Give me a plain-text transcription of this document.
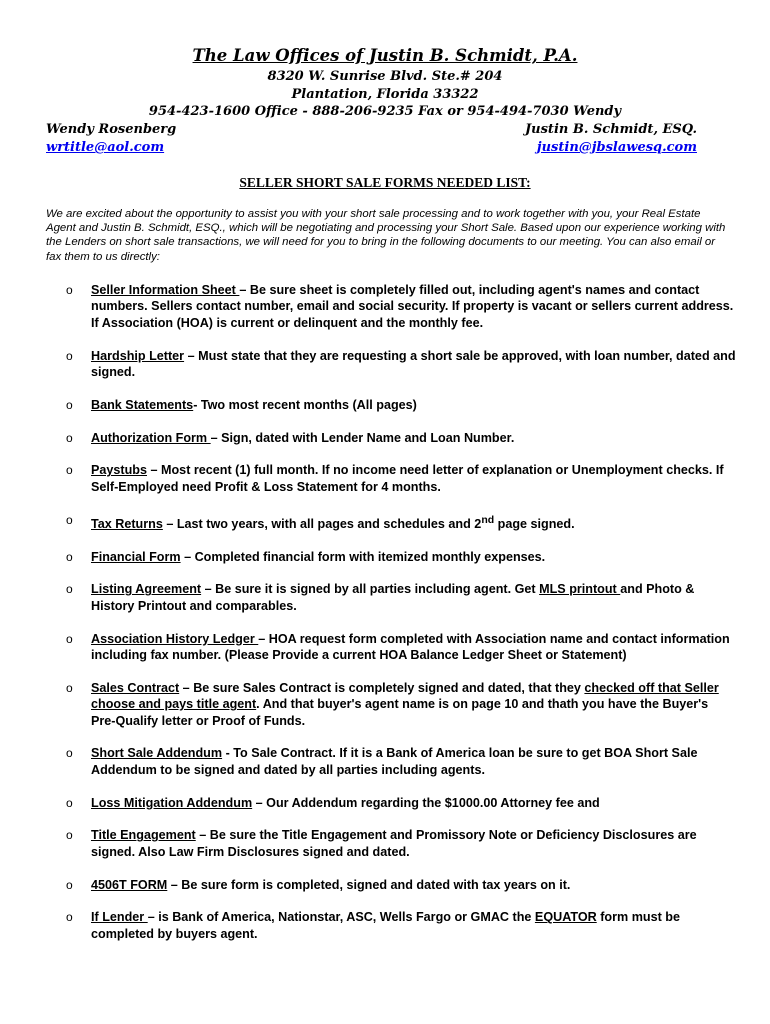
The Law Offices of Justin B. Schmidt, P.A.
8320 W. Sunrise Blvd. Ste.# 204
Plantation, Florida 33322
954-423-1600 Office - 888-206-9235 Fax or 954-494-7030 Wendy
Wendy Rosenberg
wrtitle@aol.com
Justin B. Schmidt, ESQ.
justin@jbslawesq.com
SELLER SHORT SALE FORMS NEEDED LIST:
We are excited about the opportunity to assist you with your short sale processing and to work together with you, your Real Estate Agent and Justin B. Schmidt, ESQ., which will be negotiating and processing your Short Sale. Based upon our experience working with the Lenders on short sale transactions, we will need for you to bring in the following documents to our meeting. You can also email or fax them to us directly:
o Seller Information Sheet – Be sure sheet is completely filled out, including agent's names and contact numbers. Sellers contact number, email and social security. If property is vacant or sellers current address. If Association (HOA) is current or delinquent and the monthly fee.
o Hardship Letter – Must state that they are requesting a short sale be approved, with loan number, dated and signed.
o Bank Statements- Two most recent months (All pages)
o Authorization Form – Sign, dated with Lender Name and Loan Number.
o Paystubs – Most recent (1) full month. If no income need letter of explanation or Unemployment checks. If Self-Employed need Profit & Loss Statement for 4 months.
o Tax Returns – Last two years, with all pages and schedules and 2nd page signed.
o Financial Form – Completed financial form with itemized monthly expenses.
o Listing Agreement – Be sure it is signed by all parties including agent. Get MLS printout and Photo & History Printout and comparables.
o Association History Ledger – HOA request form completed with Association name and contact information including fax number. (Please Provide a current HOA Balance Ledger Sheet or Statement)
o Sales Contract – Be sure Sales Contract is completely signed and dated, that they checked off that Seller choose and pays title agent. And that buyer's agent name is on page 10 and thath you have the Buyer's Pre-Qualify letter or Proof of Funds.
o Short Sale Addendum - To Sale Contract. If it is a Bank of America loan be sure to get BOA Short Sale Addendum to be signed and dated by all parties including agents.
o Loss Mitigation Addendum – Our Addendum regarding the $1000.00 Attorney fee and
o Title Engagement – Be sure the Title Engagement and Promissory Note or Deficiency Disclosures are signed. Also Law Firm Disclosures signed and dated.
o 4506T FORM – Be sure form is completed, signed and dated with tax years on it.
o If Lender – is Bank of America, Nationstar, ASC, Wells Fargo or GMAC the EQUATOR form must be completed by buyers agent.
